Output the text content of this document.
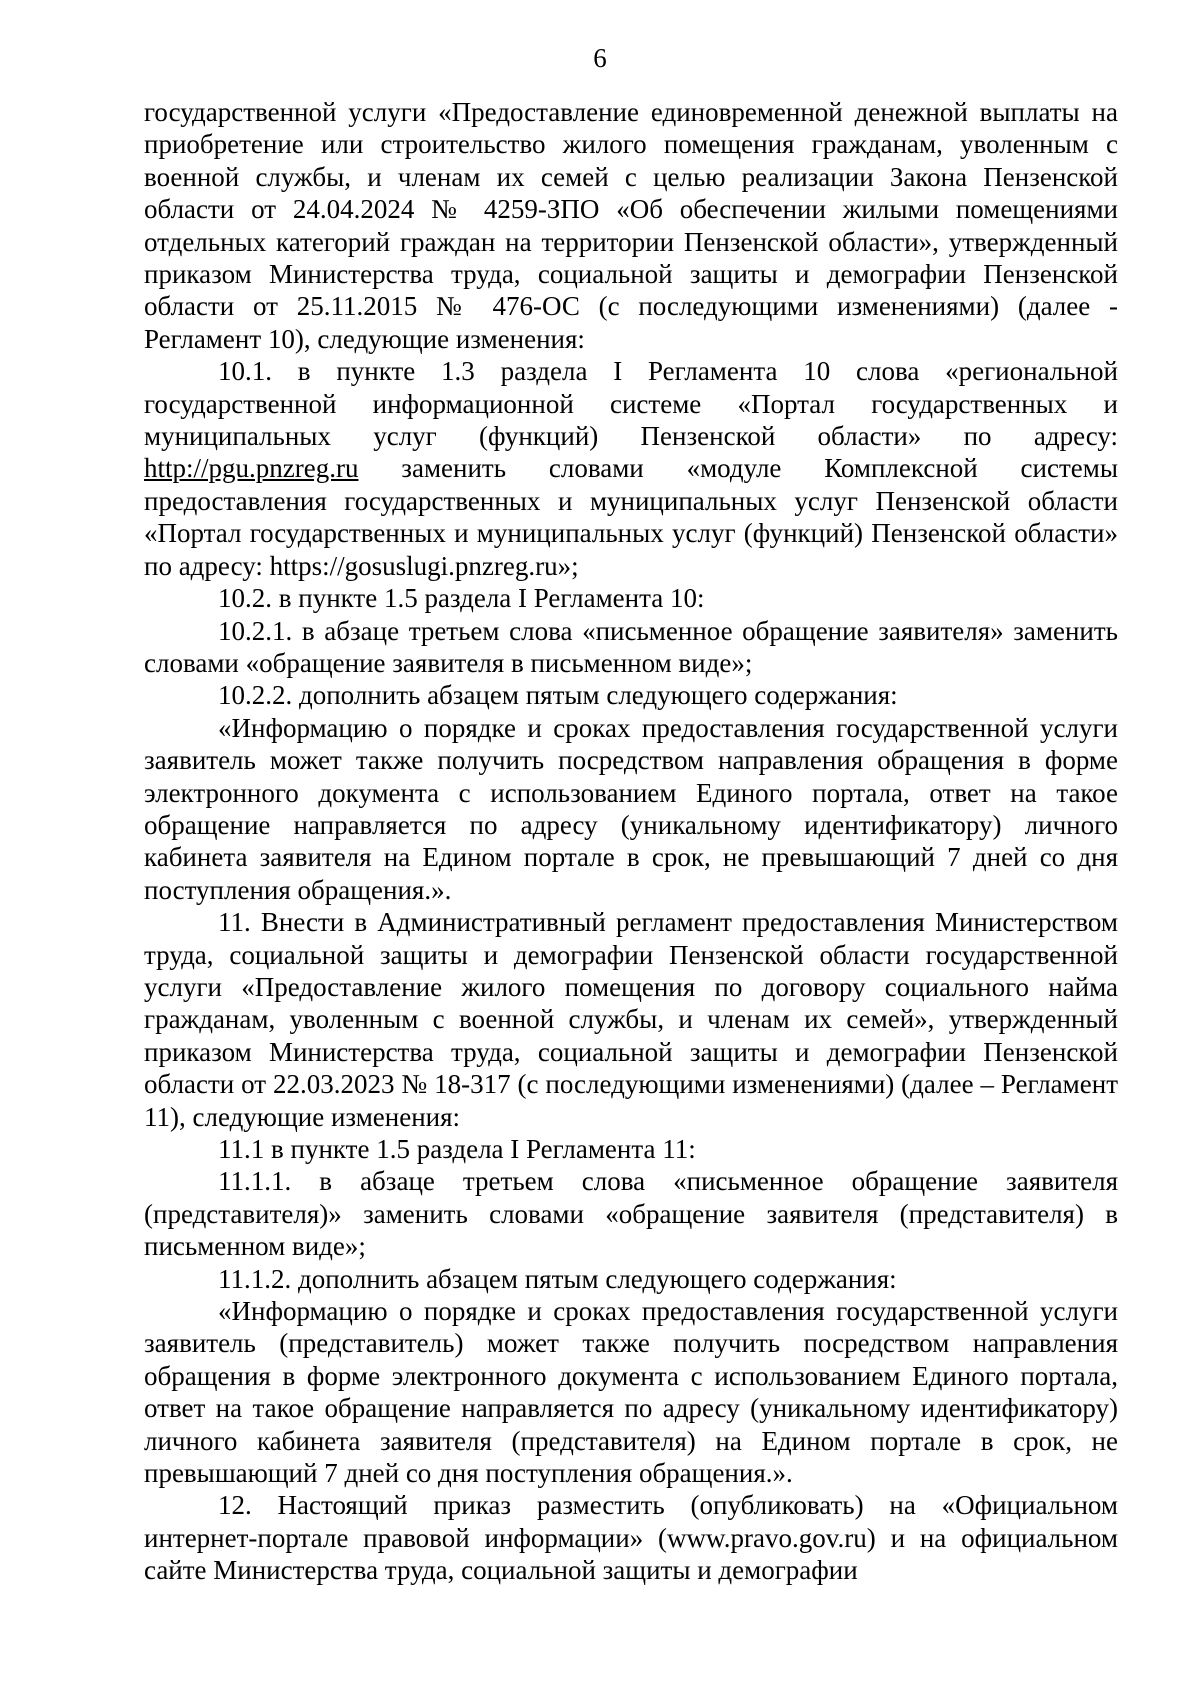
6

государственной услуги «Предоставление единовременной денежной выплаты на приобретение или строительство жилого помещения гражданам, уволенным с военной службы, и членам их семей с целью реализации Закона Пензенской области от 24.04.2024 № 4259-ЗПО «Об обеспечении жилыми помещениями отдельных категорий граждан на территории Пензенской области», утвержденный приказом Министерства труда, социальной защиты и демографии Пензенской области от 25.11.2015 № 476-ОС (с последующими изменениями) (далее - Регламент 10), следующие изменения:

10.1. в пункте 1.3 раздела I Регламента 10 слова «региональной государственной информационной системе «Портал государственных и муниципальных услуг (функций) Пензенской области» по адресу: http://pgu.pnzreg.ru заменить словами «модуле Комплексной системы предоставления государственных и муниципальных услуг Пензенской области «Портал государственных и муниципальных услуг (функций) Пензенской области» по адресу: https://gosuslugi.pnzreg.ru»;

10.2. в пункте 1.5 раздела I Регламента 10:

10.2.1. в абзаце третьем слова «письменное обращение заявителя» заменить словами «обращение заявителя в письменном виде»;

10.2.2. дополнить абзацем пятым следующего содержания:

«Информацию о порядке и сроках предоставления государственной услуги заявитель может также получить посредством направления обращения в форме электронного документа с использованием Единого портала, ответ на такое обращение направляется по адресу (уникальному идентификатору) личного кабинета заявителя на Едином портале в срок, не превышающий 7 дней со дня поступления обращения.».

11. Внести в Административный регламент предоставления Министерством труда, социальной защиты и демографии Пензенской области государственной услуги «Предоставление жилого помещения по договору социального найма гражданам, уволенным с военной службы, и членам их семей», утвержденный приказом Министерства труда, социальной защиты и демографии Пензенской области от 22.03.2023 № 18-317 (с последующими изменениями) (далее – Регламент 11), следующие изменения:

11.1 в пункте 1.5 раздела I Регламента 11:

11.1.1. в абзаце третьем слова «письменное обращение заявителя (представителя)» заменить словами «обращение заявителя (представителя) в письменном виде»;

11.1.2. дополнить абзацем пятым следующего содержания:

«Информацию о порядке и сроках предоставления государственной услуги заявитель (представитель) может также получить посредством направления обращения в форме электронного документа с использованием Единого портала, ответ на такое обращение направляется по адресу (уникальному идентификатору) личного кабинета заявителя (представителя) на Едином портале в срок, не превышающий 7 дней со дня поступления обращения.».

12. Настоящий приказ разместить (опубликовать) на «Официальном интернет-портале правовой информации» (www.pravo.gov.ru) и на официальном сайте Министерства труда, социальной защиты и демографии
